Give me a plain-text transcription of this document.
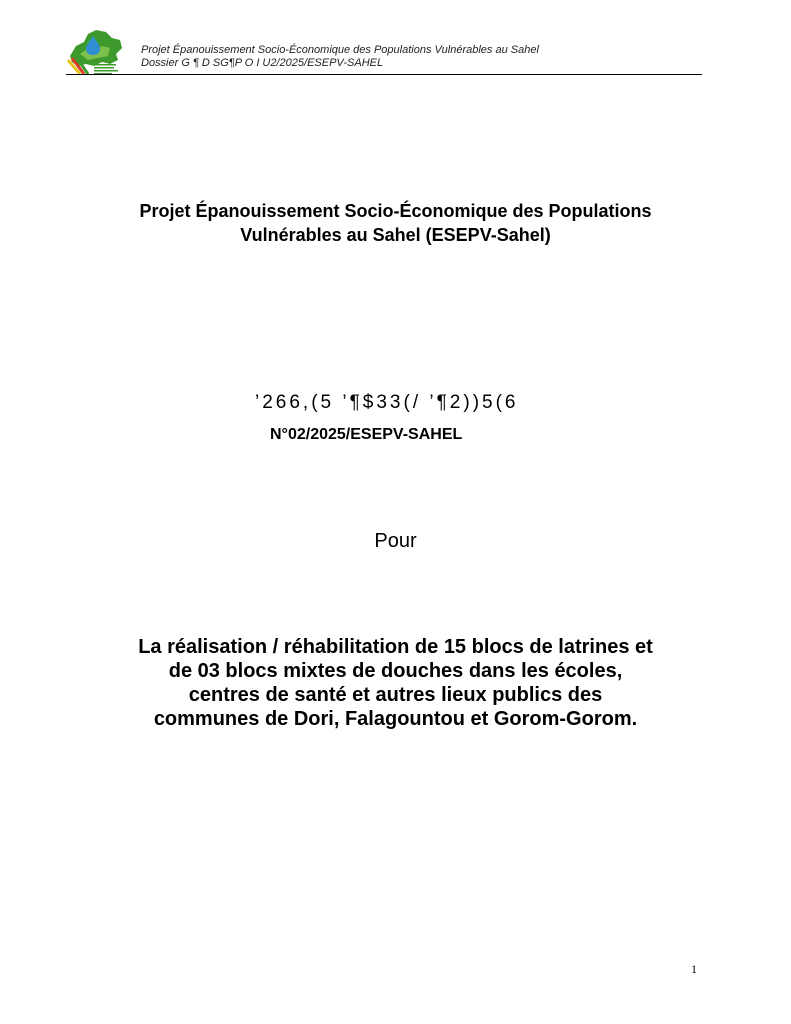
Projet Épanouissement Socio-Économique des Populations Vulnérables au Sahel
Dossier G ¶ D SG¶P O I U2/2025/ESEPV-SAHEL
Projet Épanouissement Socio-Économique des Populations
Vulnérables au Sahel (ESEPV-Sahel)
’266,(5 ’¶$33(/ ’¶2))5(6
N°02/2025/ESEPV-SAHEL
Pour
La réalisation / réhabilitation de 15 blocs de latrines et
de 03 blocs mixtes de douches dans les écoles,
centres de santé et autres lieux publics des
communes de Dori, Falagountou et Gorom-Gorom.
1
